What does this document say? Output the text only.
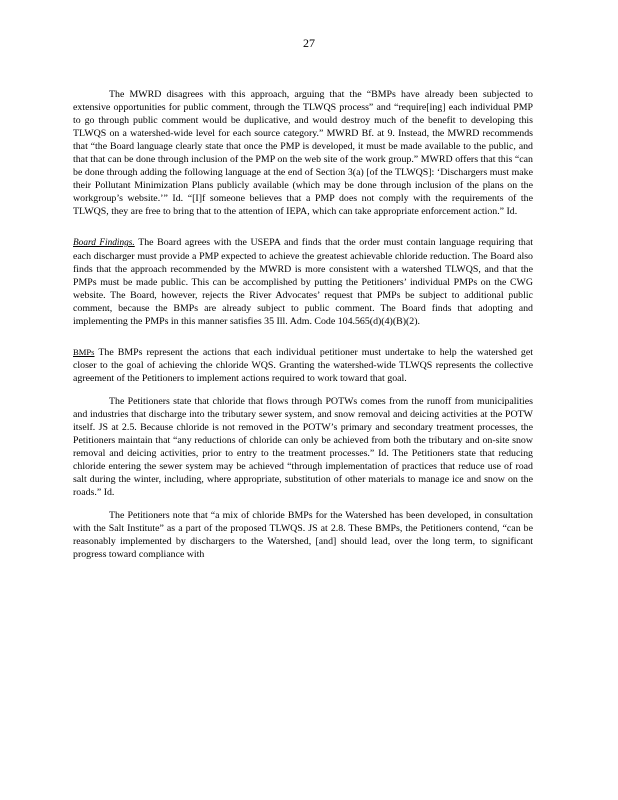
27

The MWRD disagrees with this approach, arguing that the “BMPs have already been subjected to extensive opportunities for public comment, through the TLWQS process” and “require[ing] each individual PMP to go through public comment would be duplicative, and would destroy much of the benefit to developing this TLWQS on a watershed-wide level for each source category.” MWRD Bf. at 9. Instead, the MWRD recommends that “the Board language clearly state that once the PMP is developed, it must be made available to the public, and that that can be done through inclusion of the PMP on the web site of the work group.” MWRD offers that this “can be done through adding the following language at the end of Section 3(a) [of the TLWQS]: ‘Dischargers must make their Pollutant Minimization Plans publicly available (which may be done through inclusion of the plans on the workgroup’s website.’” Id. “[I]f someone believes that a PMP does not comply with the requirements of the TLWQS, they are free to bring that to the attention of IEPA, which can take appropriate enforcement action.” Id.

Board Findings. The Board agrees with the USEPA and finds that the order must contain language requiring that each discharger must provide a PMP expected to achieve the greatest achievable chloride reduction. The Board also finds that the approach recommended by the MWRD is more consistent with a watershed TLWQS, and that the PMPs must be made public. This can be accomplished by putting the Petitioners’ individual PMPs on the CWG website. The Board, however, rejects the River Advocates’ request that PMPs be subject to additional public comment, because the BMPs are already subject to public comment. The Board finds that adopting and implementing the PMPs in this manner satisfies 35 Ill. Adm. Code 104.565(d)(4)(B)(2).

BMPs The BMPs represent the actions that each individual petitioner must undertake to help the watershed get closer to the goal of achieving the chloride WQS. Granting the watershed-wide TLWQS represents the collective agreement of the Petitioners to implement actions required to work toward that goal.

The Petitioners state that chloride that flows through POTWs comes from the runoff from municipalities and industries that discharge into the tributary sewer system, and snow removal and deicing activities at the POTW itself. JS at 2.5. Because chloride is not removed in the POTW’s primary and secondary treatment processes, the Petitioners maintain that “any reductions of chloride can only be achieved from both the tributary and on-site snow removal and deicing activities, prior to entry to the treatment processes.” Id. The Petitioners state that reducing chloride entering the sewer system may be achieved “through implementation of practices that reduce use of road salt during the winter, including, where appropriate, substitution of other materials to manage ice and snow on the roads.” Id.

The Petitioners note that “a mix of chloride BMPs for the Watershed has been developed, in consultation with the Salt Institute” as a part of the proposed TLWQS. JS at 2.8. These BMPs, the Petitioners contend, “can be reasonably implemented by dischargers to the Watershed, [and] should lead, over the long term, to significant progress toward compliance with
